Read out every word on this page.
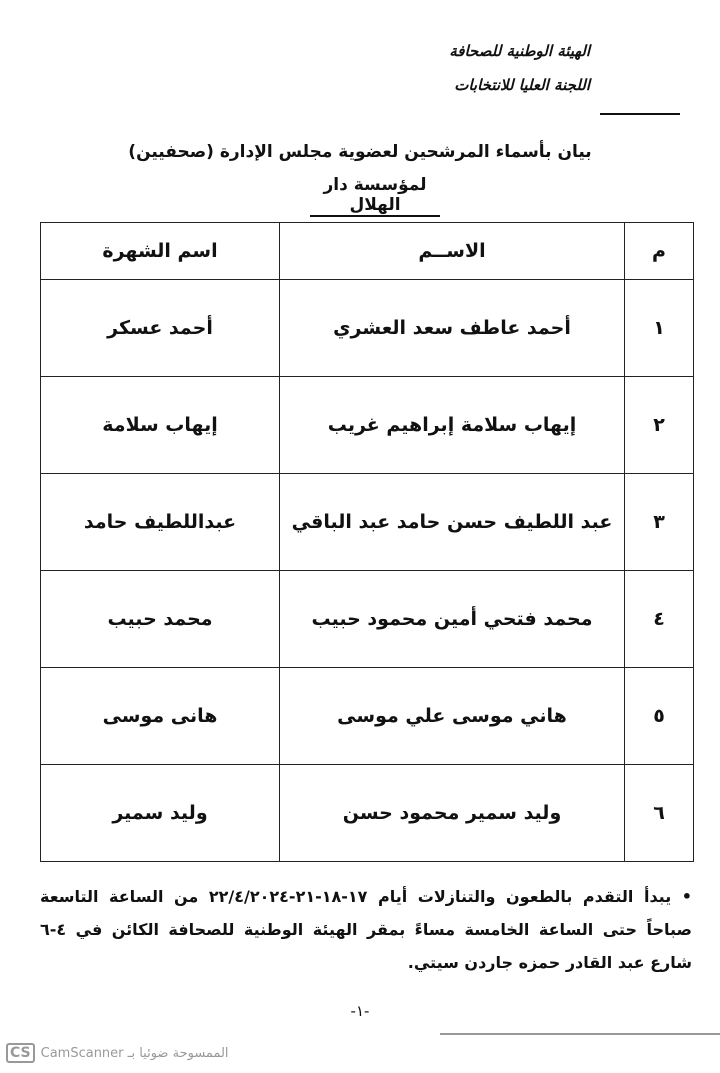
الهيئة الوطنية للصحافة
اللجنة العليا للانتخابات
بيان بأسماء المرشحين لعضوية مجلس الإدارة (صحفيين)
لمؤسسة دار الهلال
م	الاســم	اسم الشهرة
١	أحمد عاطف سعد العشري	أحمد عسكر
٢	إيهاب سلامة إبراهيم غريب	إيهاب سلامة
٣	عبد اللطيف حسن حامد عبد الباقي	عبداللطيف حامد
٤	محمد فتحي أمين محمود حبيب	محمد حبيب
٥	هاني موسى علي موسى	هانى موسى
٦	وليد سمير محمود حسن	وليد سمير
• يبدأ التقدم بالطعون والتنازلات أيام ١٧-١٨-٢١-٢٢/٤/٢٠٢٤ من الساعة التاسعة صباحاً حتى الساعة الخامسة مساءً بمقر الهيئة الوطنية للصحافة الكائن في ٤-٦ شارع عبد القادر حمزه جاردن سيتي.
-١-
CS CamScanner الممسوحة ضوئيا بـ
